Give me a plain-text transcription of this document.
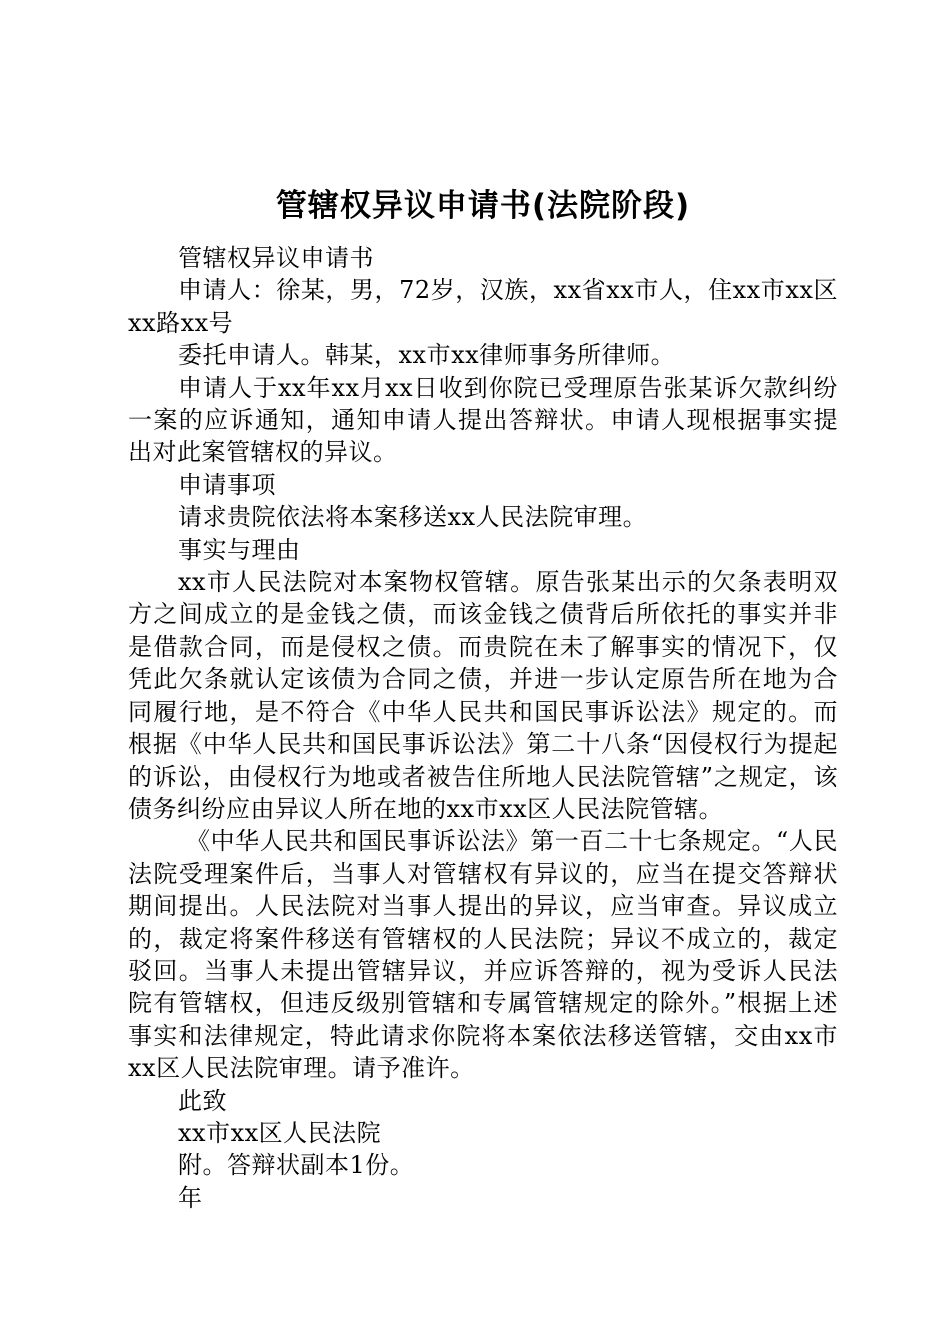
管辖权异议申请书(法院阶段)

管辖权异议申请书

申请人：徐某，男，72岁，汉族，xx省xx市人，住xx市xx区xx路xx号

委托申请人。韩某，xx市xx律师事务所律师。

申请人于xx年xx月xx日收到你院已受理原告张某诉欠款纠纷一案的应诉通知，通知申请人提出答辩状。申请人现根据事实提出对此案管辖权的异议。

申请事项

请求贵院依法将本案移送xx人民法院审理。

事实与理由

xx市人民法院对本案物权管辖。原告张某出示的欠条表明双方之间成立的是金钱之债，而该金钱之债背后所依托的事实并非是借款合同，而是侵权之债。而贵院在未了解事实的情况下，仅凭此欠条就认定该债为合同之债，并进一步认定原告所在地为合同履行地，是不符合《中华人民共和国民事诉讼法》规定的。而根据《中华人民共和国民事诉讼法》第二十八条“因侵权行为提起的诉讼，由侵权行为地或者被告住所地人民法院管辖”之规定，该债务纠纷应由异议人所在地的xx市xx区人民法院管辖。

《中华人民共和国民事诉讼法》第一百二十七条规定。“人民法院受理案件后，当事人对管辖权有异议的，应当在提交答辩状期间提出。人民法院对当事人提出的异议，应当审查。异议成立的，裁定将案件移送有管辖权的人民法院；异议不成立的，裁定驳回。当事人未提出管辖异议，并应诉答辩的，视为受诉人民法院有管辖权，但违反级别管辖和专属管辖规定的除外。”根据上述事实和法律规定，特此请求你院将本案依法移送管辖，交由xx市xx区人民法院审理。请予准许。

此致

xx市xx区人民法院

附。答辩状副本1份。

年
